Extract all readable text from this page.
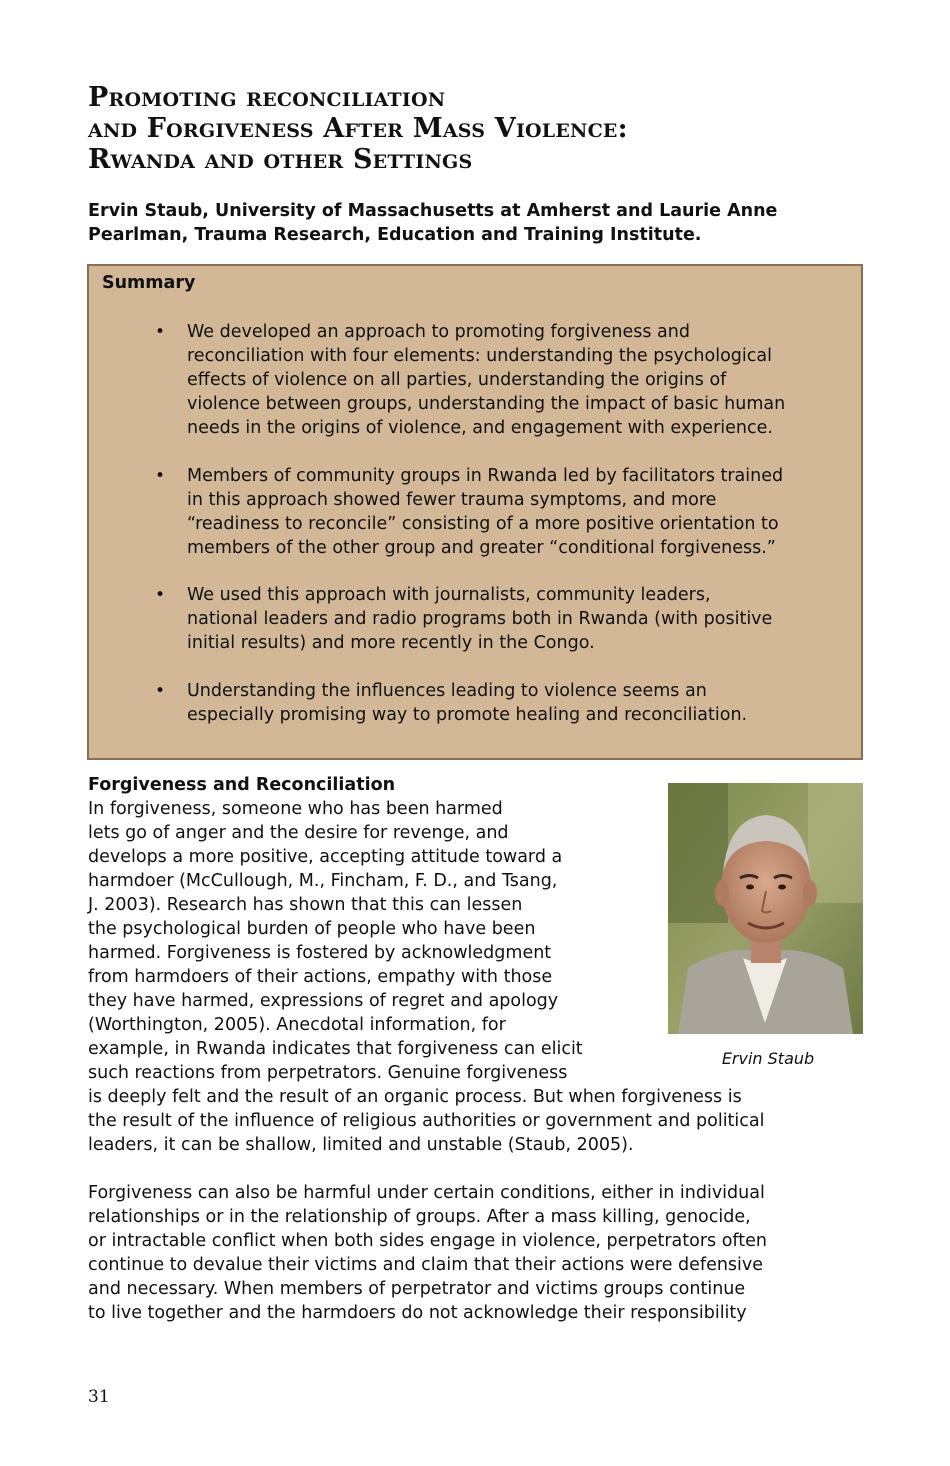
Promoting reconciliation
and Forgiveness After Mass Violence:
Rwanda and other Settings
Ervin Staub, University of Massachusetts at Amherst and Laurie Anne
Pearlman, Trauma Research, Education and Training Institute.
Summary
• We developed an approach to promoting forgiveness and
reconciliation with four elements: understanding the psychological
effects of violence on all parties, understanding the origins of
violence between groups, understanding the impact of basic human
needs in the origins of violence, and engagement with experience.
• Members of community groups in Rwanda led by facilitators trained
in this approach showed fewer trauma symptoms, and more
“readiness to reconcile” consisting of a more positive orientation to
members of the other group and greater “conditional forgiveness.”
• We used this approach with journalists, community leaders,
national leaders and radio programs both in Rwanda (with positive
initial results) and more recently in the Congo.
• Understanding the influences leading to violence seems an
especially promising way to promote healing and reconciliation.
Forgiveness and Reconciliation
In forgiveness, someone who has been harmed
lets go of anger and the desire for revenge, and
develops a more positive, accepting attitude toward a
harmdoer (McCullough, M., Fincham, F. D., and Tsang,
J. 2003). Research has shown that this can lessen
the psychological burden of people who have been
harmed. Forgiveness is fostered by acknowledgment
from harmdoers of their actions, empathy with those
they have harmed, expressions of regret and apology
(Worthington, 2005). Anecdotal information, for
example, in Rwanda indicates that forgiveness can elicit
such reactions from perpetrators. Genuine forgiveness
is deeply felt and the result of an organic process. But when forgiveness is
the result of the influence of religious authorities or government and political
leaders, it can be shallow, limited and unstable (Staub, 2005).
Forgiveness can also be harmful under certain conditions, either in individual
relationships or in the relationship of groups. After a mass killing, genocide,
or intractable conflict when both sides engage in violence, perpetrators often
continue to devalue their victims and claim that their actions were defensive
and necessary. When members of perpetrator and victims groups continue
to live together and the harmdoers do not acknowledge their responsibility
Ervin Staub
31
